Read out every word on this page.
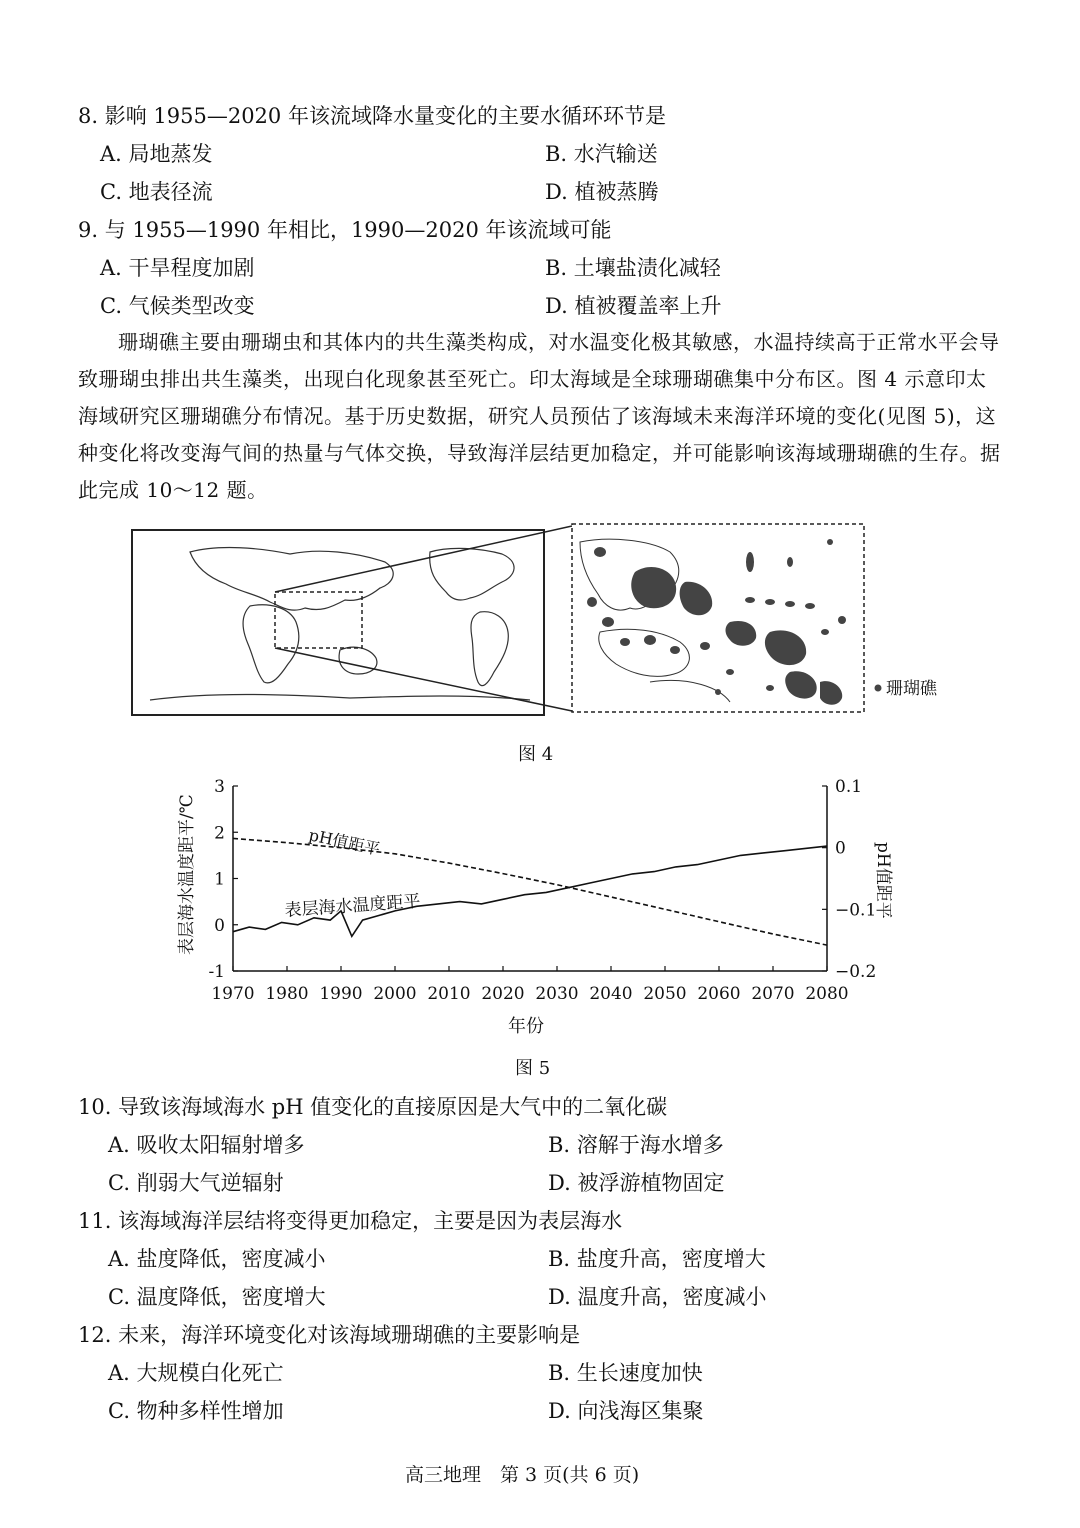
8. 影响 1955—2020 年该流域降水量变化的主要水循环环节是
A. 局地蒸发	B. 水汽输送
C. 地表径流	D. 植被蒸腾
9. 与 1955—1990 年相比，1990—2020 年该流域可能
A. 干旱程度加剧	B. 土壤盐渍化减轻
C. 气候类型改变	D. 植被覆盖率上升
珊瑚礁主要由珊瑚虫和其体内的共生藻类构成，对水温变化极其敏感，水温持续高于正常水平会导致珊瑚虫排出共生藻类，出现白化现象甚至死亡。印太海域是全球珊瑚礁集中分布区。图 4 示意印太海域研究区珊瑚礁分布情况。基于历史数据，研究人员预估了该海域未来海洋环境的变化(见图 5)，这种变化将改变海气间的热量与气体交换，导致海洋层结更加稳定，并可能影响该海域珊瑚礁的生存。据此完成 10～12 题。
珊瑚礁
图 4
1970 1980 1990 2000 2010 2020 2030 2040 2050 2060 2070 2080
-1
0
1
2
3
−0.2
−0.1
0
0.1
pH值距平
表层海水温度距平
年份
表层海水温度距平/℃	pH值距平
图 5
10. 导致该海域海水 pH 值变化的直接原因是大气中的二氧化碳
A. 吸收太阳辐射增多	B. 溶解于海水增多
C. 削弱大气逆辐射	D. 被浮游植物固定
11. 该海域海洋层结将变得更加稳定，主要是因为表层海水
A. 盐度降低，密度减小	B. 盐度升高，密度增大
C. 温度降低，密度增大	D. 温度升高，密度减小
12. 未来，海洋环境变化对该海域珊瑚礁的主要影响是
A. 大规模白化死亡	B. 生长速度加快
C. 物种多样性增加	D. 向浅海区集聚
高三地理　第 3 页(共 6 页)
